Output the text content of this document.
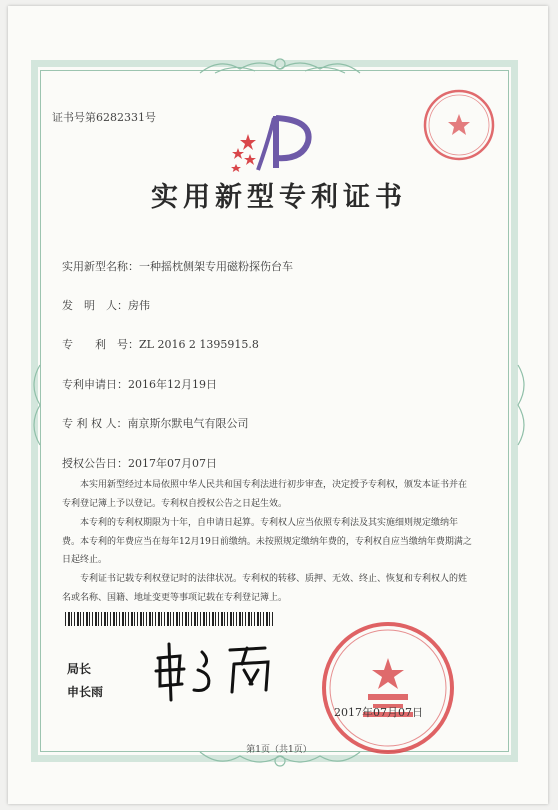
证书号第6282331号
实用新型专利证书
实用新型名称：一种摇枕侧架专用磁粉探伤台车
发　明　人：房伟
专　　利　号：ZL 2016 2 1395915.8
专利申请日：2016年12月19日
专 利 权 人：南京斯尔默电气有限公司
授权公告日：2017年07月07日
本实用新型经过本局依照中华人民共和国专利法进行初步审查，决定授予专利权，颁发本证书并在专利登记簿上予以登记。专利权自授权公告之日起生效。
本专利的专利权期限为十年，自申请日起算。专利权人应当依照专利法及其实施细则规定缴纳年费。本专利的年费应当在每年12月19日前缴纳。未按照规定缴纳年费的，专利权自应当缴纳年费期满之日起终止。
专利证书记载专利权登记时的法律状况。专利权的转移、质押、无效、终止、恢复和专利权人的姓名或名称、国籍、地址变更等事项记载在专利登记簿上。
局长
申长雨
2017年07月07日
第1页（共1页）
